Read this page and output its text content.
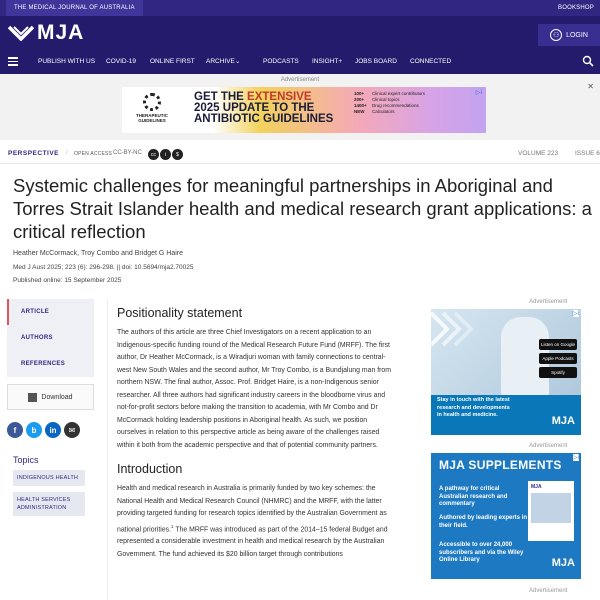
THE MEDICAL JOURNAL OF AUSTRALIA	BOOKSHOP
MJA	⚇ LOGIN
PUBLISH WITH US COVID-19 ONLINE FIRST ARCHIVE ⌄	PODCASTS INSIGHT+ JOBS BOARD CONNECTED
Advertisement
✕
THERAPEUTIC GUIDELINES
GET THE EXTENSIVE
2025 UPDATE TO THE
ANTIBIOTIC GUIDELINES
100+ Clinical expert contributors
200+ Clinical topics
1400+ Drug recommendations
NEW Calculators
▷ⅰ
PERSPECTIVE / OPEN ACCESS CC-BY-NC	cc	i	$	VOLUME 223	ISSUE 6
Systemic challenges for meaningful partnerships in Aboriginal and Torres Strait Islander health and medical research grant applications: a critical reflection
Heather McCormack, Troy Combo and Bridget G Haire
Med J Aust 2025; 223 (6): 296-298. || doi: 10.5694/mja2.70025
Published online: 15 September 2025
ARTICLE
AUTHORS
REFERENCES
Download
f	b	in	✉
Topics
INDIGENOUS HEALTH
HEALTH SERVICES ADMINISTRATION
Positionality statement

The authors of this article are three Chief Investigators on a recent application to an Indigenous-specific funding round of the Medical Research Future Fund (MRFF). The first author, Dr Heather McCormack, is a Wiradjuri woman with family connections to central-west New South Wales and the second author, Mr Troy Combo, is a Bundjalung man from northern NSW. The final author, Assoc. Prof. Bridget Haire, is a non-Indigenous senior researcher. All three authors had significant industry careers in the bloodborne virus and not-for-profit sectors before making the transition to academia, with Mr Combo and Dr McCormack holding leadership positions in Aboriginal health. As such, we position ourselves in relation to this perspective article as being aware of the challenges raised within it both from the academic perspective and that of potential community partners.

Introduction

Health and medical research in Australia is primarily funded by two key schemes: the National Health and Medical Research Council (NHMRC) and the MRFF, with the latter providing targeted funding for research topics identified by the Australian Government as national priorities.$^1$ The MRFF was introduced as part of the 2014–15 federal Budget and represented a considerable investment in health and medical research by the Australian Government. The fund achieved its $20 billion target through contributions

Advertisement
Listen on Google
Apple Podcasts
Spotify
Stay in touch with the latest research and developments in health and medicine.	MJA
▷ⅰ
Advertisement
MJA SUPPLEMENTS
A pathway for critical Australian research and commentary
Authored by leading experts in their field.
Accessible to over 24,000 subscribers and via the Wiley Online Library
MJA
MJA
▷ⅰ
Advertisement
